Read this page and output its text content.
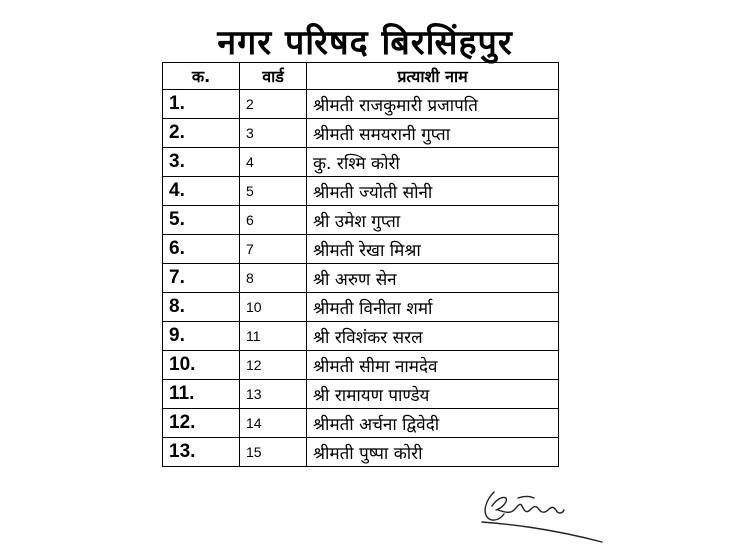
नगर परिषद बिरसिंहपुर
क.	वार्ड	प्रत्याशी नाम
1.	2	श्रीमती राजकुमारी प्रजापति
2.	3	श्रीमती समयरानी गुप्ता
3.	4	कु. रश्मि कोरी
4.	5	श्रीमती ज्योती सोनी
5.	6	श्री उमेश गुप्ता
6.	7	श्रीमती रेखा मिश्रा
7.	8	श्री अरुण सेन
8.	10	श्रीमती विनीता शर्मा
9.	11	श्री रविशंकर सरल
10.	12	श्रीमती सीमा नामदेव
11.	13	श्री रामायण पाण्डेय
12.	14	श्रीमती अर्चना द्विवेदी
13.	15	श्रीमती पुष्पा कोरी
